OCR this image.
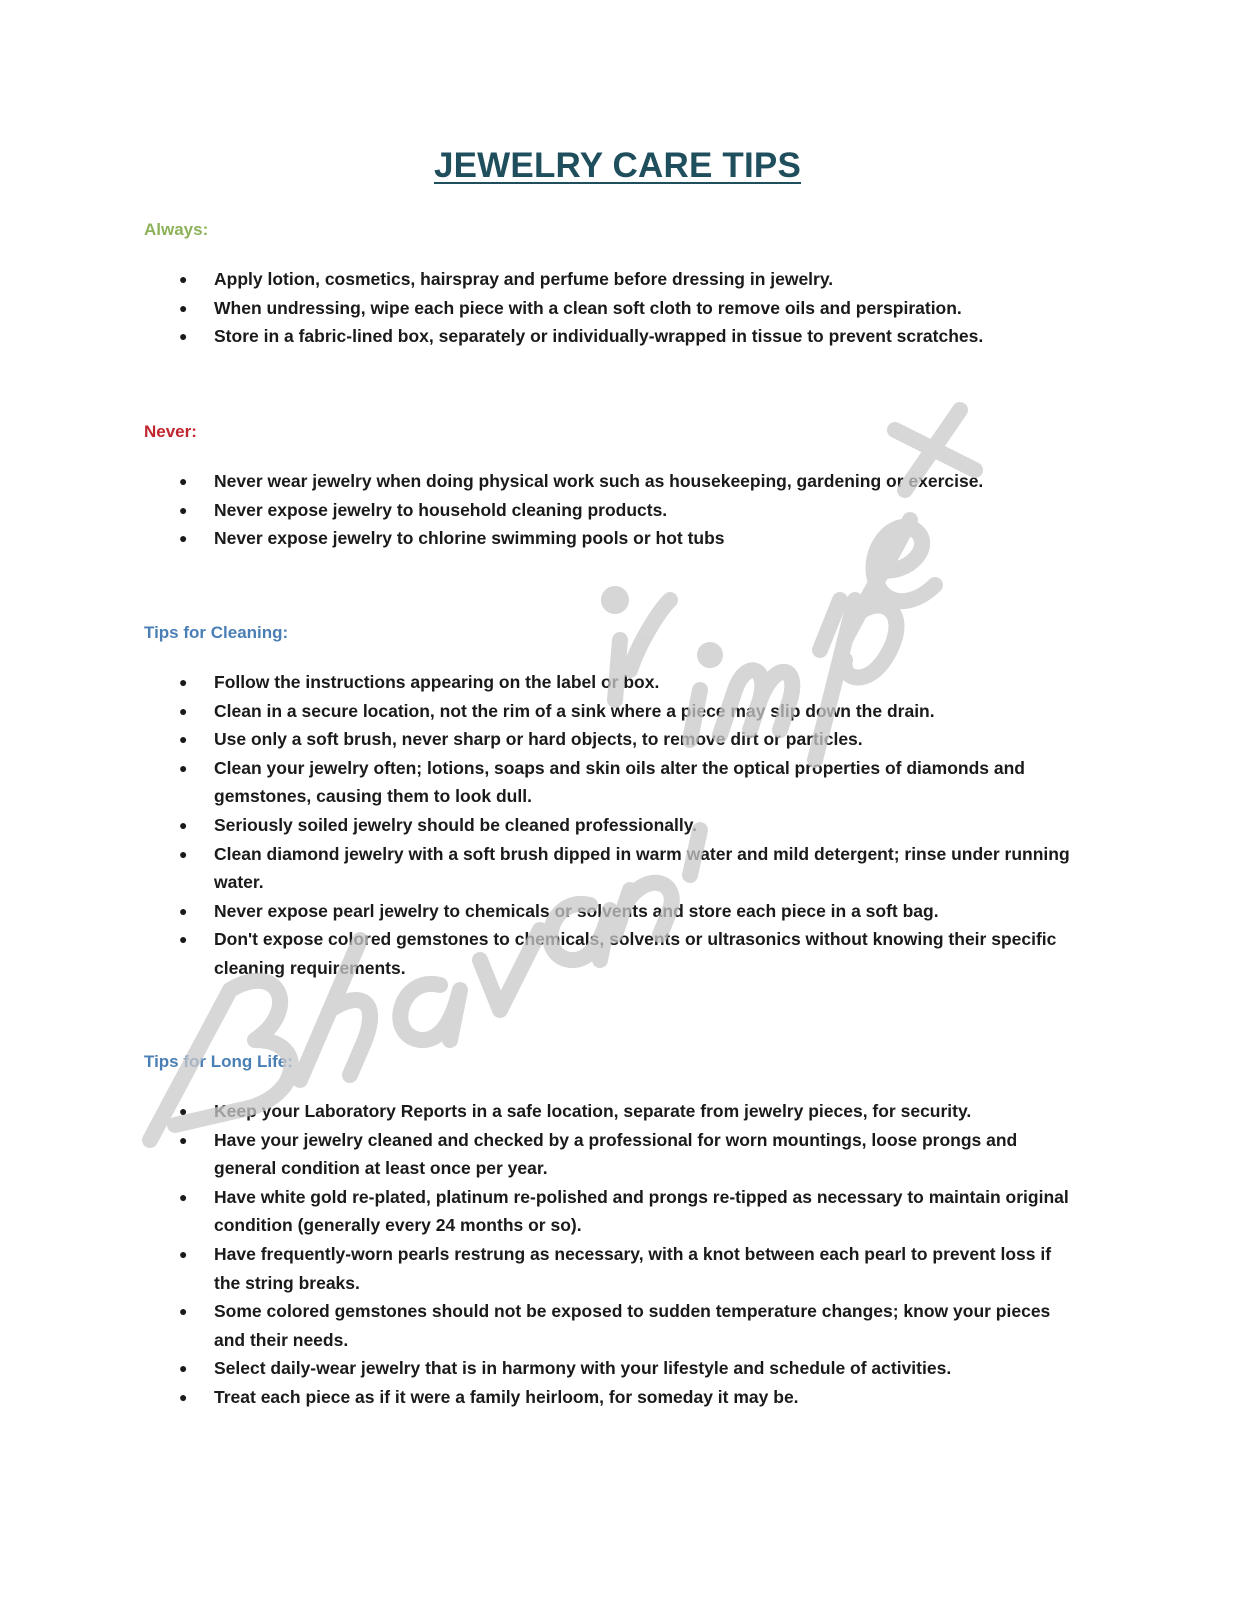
JEWELRY CARE TIPS
Always:
● Apply lotion, cosmetics, hairspray and perfume before dressing in jewelry.
● When undressing, wipe each piece with a clean soft cloth to remove oils and perspiration.
● Store in a fabric-lined box, separately or individually-wrapped in tissue to prevent scratches.
Never:
● Never wear jewelry when doing physical work such as housekeeping, gardening or exercise.
● Never expose jewelry to household cleaning products.
● Never expose jewelry to chlorine swimming pools or hot tubs
Tips for Cleaning:
● Follow the instructions appearing on the label or box.
● Clean in a secure location, not the rim of a sink where a piece may slip down the drain.
● Use only a soft brush, never sharp or hard objects, to remove dirt or particles.
● Clean your jewelry often; lotions, soaps and skin oils alter the optical properties of diamonds and gemstones, causing them to look dull.
● Seriously soiled jewelry should be cleaned professionally.
● Clean diamond jewelry with a soft brush dipped in warm water and mild detergent; rinse under running water.
● Never expose pearl jewelry to chemicals or solvents and store each piece in a soft bag.
● Don't expose colored gemstones to chemicals, solvents or ultrasonics without knowing their specific cleaning requirements.
Tips for Long Life:
● Keep your Laboratory Reports in a safe location, separate from jewelry pieces, for security.
● Have your jewelry cleaned and checked by a professional for worn mountings, loose prongs and general condition at least once per year.
● Have white gold re-plated, platinum re-polished and prongs re-tipped as necessary to maintain original condition (generally every 24 months or so).
● Have frequently-worn pearls restrung as necessary, with a knot between each pearl to prevent loss if the string breaks.
● Some colored gemstones should not be exposed to sudden temperature changes; know your pieces and their needs.
● Select daily-wear jewelry that is in harmony with your lifestyle and schedule of activities.
● Treat each piece as if it were a family heirloom, for someday it may be.
